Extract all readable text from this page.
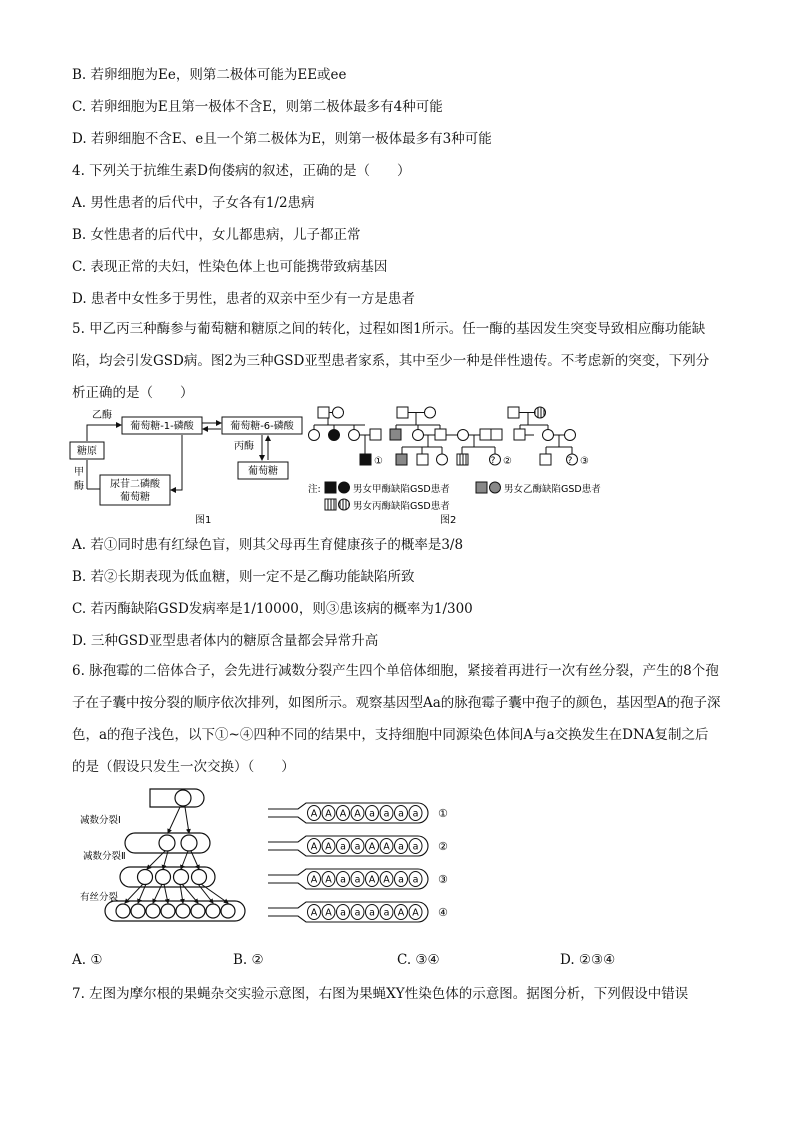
B. 若卵细胞为Ee，则第二极体可能为EE或ee
C. 若卵细胞为E且第一极体不含E，则第二极体最多有4种可能
D. 若卵细胞不含E、e且一个第二极体为E，则第一极体最多有3种可能
4. 下列关于抗维生素D佝偻病的叙述，正确的是（　　）
A. 男性患者的后代中，子女各有1/2患病
B. 女性患者的后代中，女儿都患病，儿子都正常
C. 表现正常的夫妇，性染色体上也可能携带致病基因
D. 患者中女性多于男性，患者的双亲中至少有一方是患者
5. 甲乙丙三种酶参与葡萄糖和糖原之间的转化，过程如图1所示。任一酶的基因发生突变导致相应酶功能缺陷，均会引发GSD病。图2为三种GSD亚型患者家系，其中至少一种是伴性遗传。不考虑新的突变，下列分析正确的是（　　）
乙酶
葡萄糖-1-磷酸	葡萄糖-6-磷酸
糖原
甲
酶	尿苷二磷酸
葡萄糖
丙酶
葡萄糖
图1
①	? ②	? ③
注:	男女甲酶缺陷GSD患者	男女乙酶缺陷GSD患者
男女丙酶缺陷GSD患者
图2
A. 若①同时患有红绿色盲，则其父母再生育健康孩子的概率是3/8
B. 若②长期表现为低血糖，则一定不是乙酶功能缺陷所致
C. 若丙酶缺陷GSD发病率是1/10000，则③患该病的概率为1/300
D. 三种GSD亚型患者体内的糖原含量都会异常升高
6. 脉孢霉的二倍体合子，会先进行减数分裂产生四个单倍体细胞，紧接着再进行一次有丝分裂，产生的8个孢子在子囊中按分裂的顺序依次排列，如图所示。观察基因型Aa的脉孢霉子囊中孢子的颜色，基因型A的孢子深色，a的孢子浅色，以下①~④四种不同的结果中，支持细胞中同源染色体间A与a交换发生在DNA复制之后的是（假设只发生一次交换）（　　）
减数分裂Ⅰ
减数分裂Ⅱ
有丝分裂
A A A A a a a a ①
A A a a A A a a ②
A A a a A A a a ③
A A a a a a A A ④
A. ①	B. ②	C. ③④	D. ②③④
7. 左图为摩尔根的果蝇杂交实验示意图，右图为果蝇XY性染色体的示意图。据图分析，下列假设中错误
